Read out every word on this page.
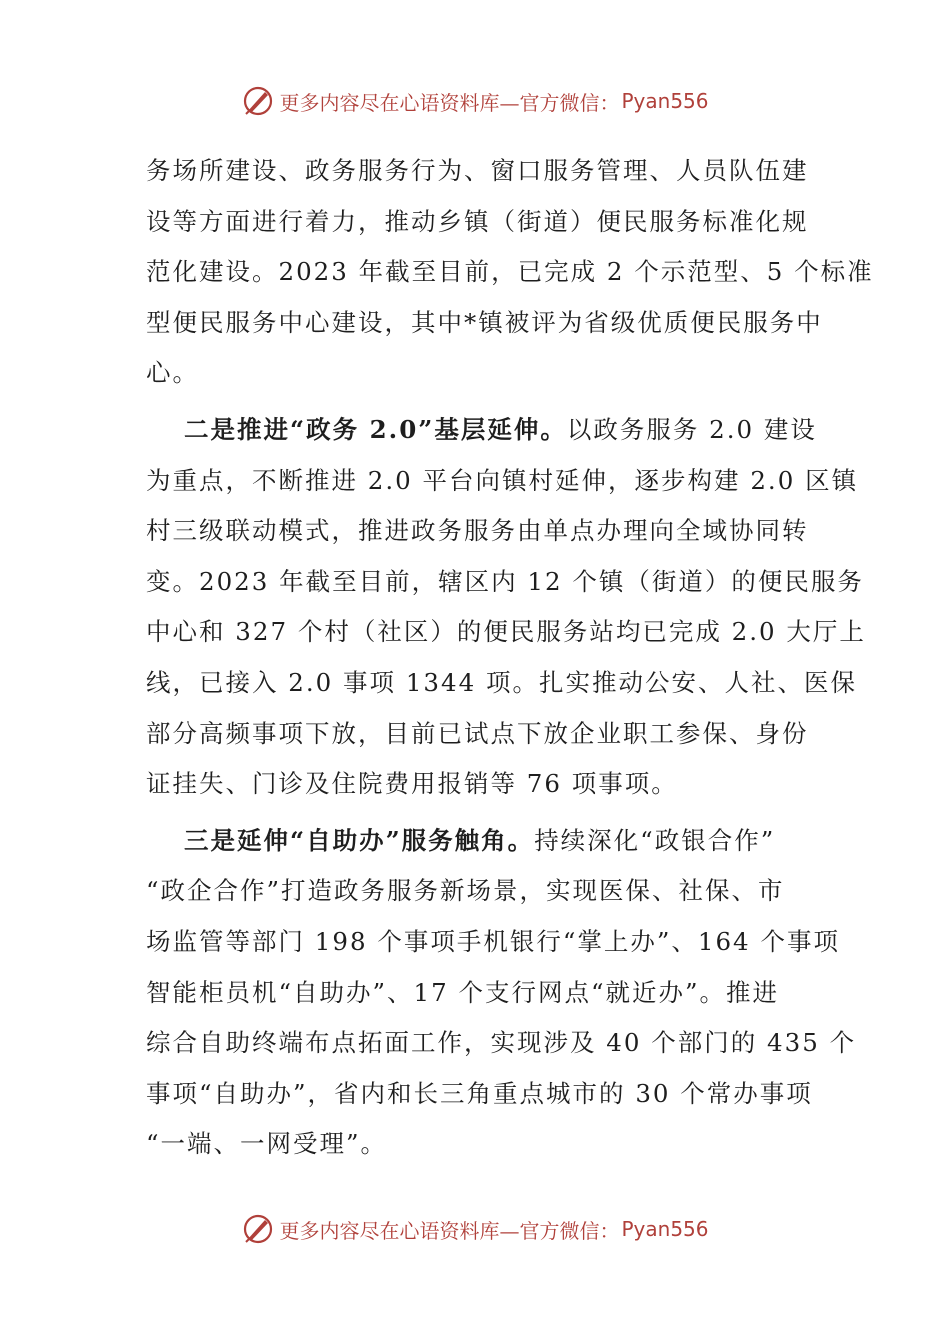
更多内容尽在心语资料库—官方微信： Pyan556
务场所建设、政务服务行为、窗口服务管理、人员队伍建
设等方面进行着力，推动乡镇（街道）便民服务标准化规
范化建设。2023 年截至目前，已完成 2 个示范型、5 个标准
型便民服务中心建设，其中*镇被评为省级优质便民服务中
心。
二是推进“政务 2.0”基层延伸。以政务服务 2.0 建设
为重点，不断推进 2.0 平台向镇村延伸，逐步构建 2.0 区镇
村三级联动模式，推进政务服务由单点办理向全域协同转
变。2023 年截至目前，辖区内 12 个镇（街道）的便民服务
中心和 327 个村（社区）的便民服务站均已完成 2.0 大厅上
线，已接入 2.0 事项 1344 项。扎实推动公安、人社、医保
部分高频事项下放，目前已试点下放企业职工参保、身份
证挂失、门诊及住院费用报销等 76 项事项。
三是延伸“自助办”服务触角。持续深化“政银合作”
“政企合作”打造政务服务新场景，实现医保、社保、市
场监管等部门 198 个事项手机银行“掌上办”、164 个事项
智能柜员机“自助办”、17 个支行网点“就近办”。推进
综合自助终端布点拓面工作，实现涉及 40 个部门的 435 个
事项“自助办”，省内和长三角重点城市的 30 个常办事项
“一端、一网受理”。
更多内容尽在心语资料库—官方微信： Pyan556
